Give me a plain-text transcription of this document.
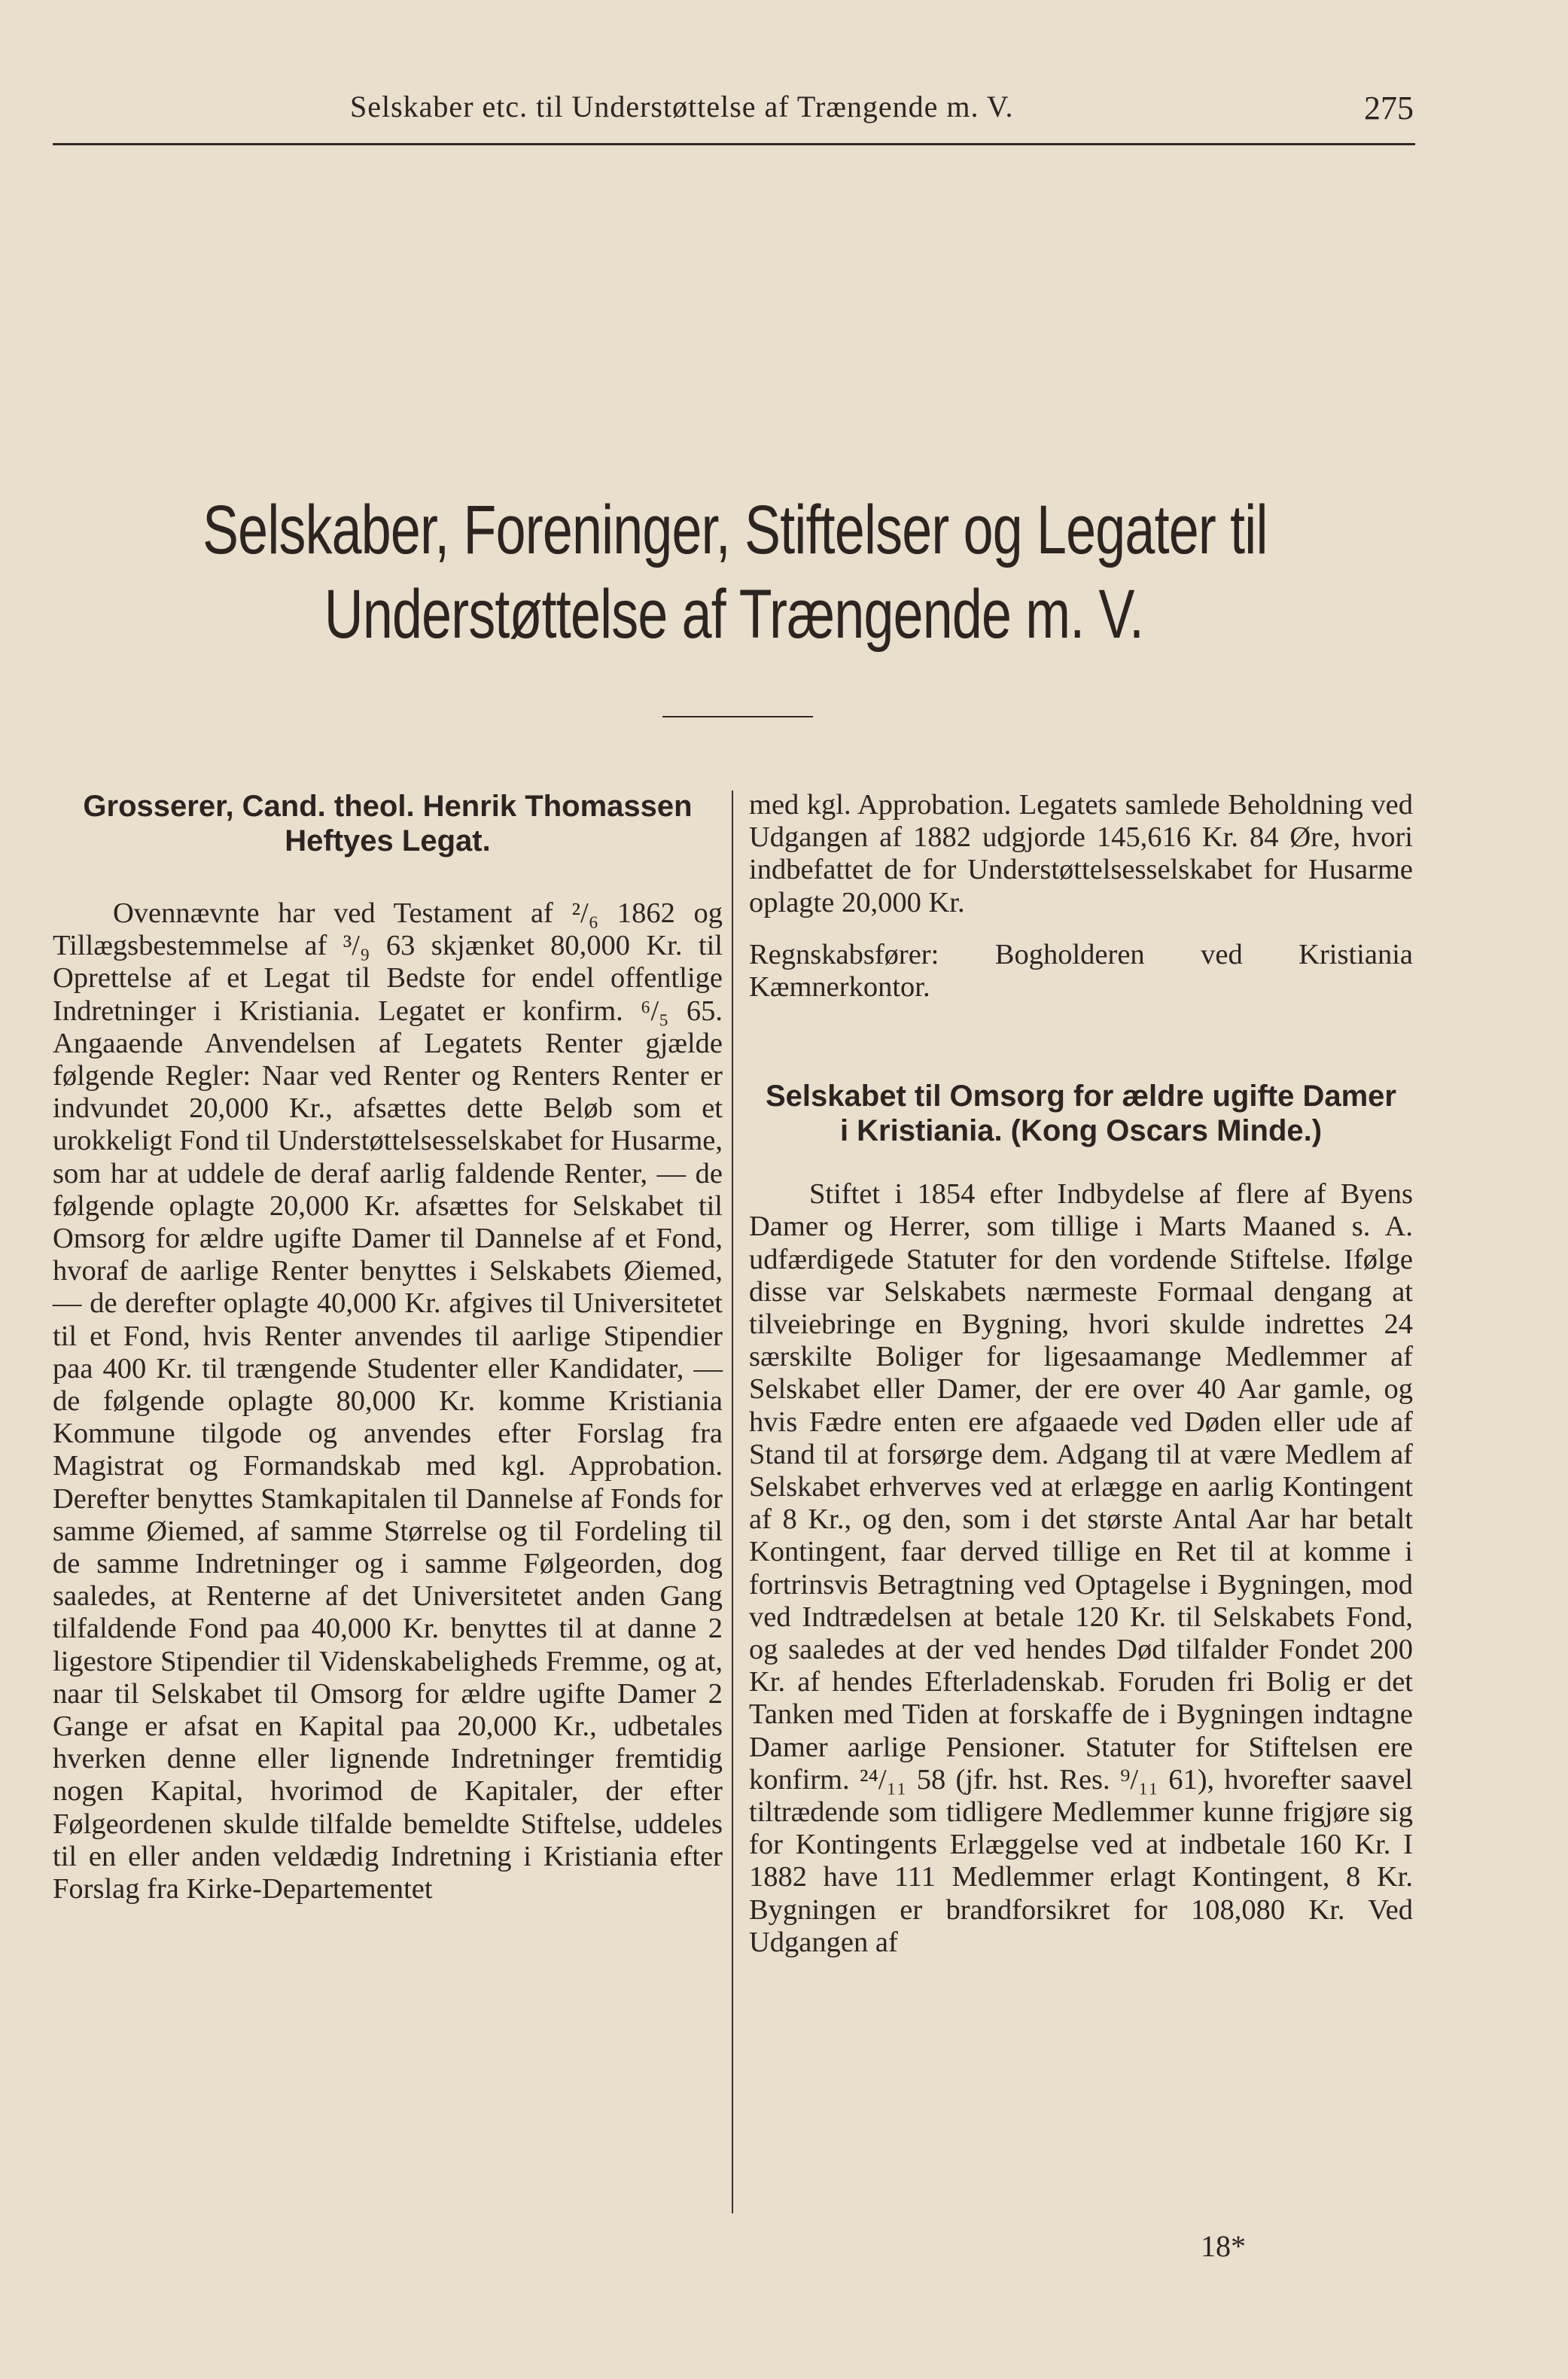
Selskaber etc. til Understøttelse af Trængende m. V.	275
Selskaber, Foreninger, Stiftelser og Legater til
Understøttelse af Trængende m. V.
Grosserer, Cand. theol. Henrik Thomassen
Heftyes Legat.

Ovennævnte har ved Testament af ²/₆ 1862 og Tillægsbestemmelse af ³/₉ 63 skjænket 80,000 Kr. til Oprettelse af et Legat til Bedste for endel offentlige Indretninger i Kristiania. Legatet er konfirm. ⁶/₅ 65. Angaaende Anvendelsen af Legatets Renter gjælde følgende Regler: Naar ved Renter og Renters Renter er indvundet 20,000 Kr., afsættes dette Beløb som et urokkeligt Fond til Understøttelsesselskabet for Husarme, som har at uddele de deraf aarlig faldende Renter, — de følgende oplagte 20,000 Kr. afsættes for Selskabet til Omsorg for ældre ugifte Damer til Dannelse af et Fond, hvoraf de aarlige Renter benyttes i Selskabets Øiemed, — de derefter oplagte 40,000 Kr. afgives til Universitetet til et Fond, hvis Renter anvendes til aarlige Stipendier paa 400 Kr. til trængende Studenter eller Kandidater, — de følgende oplagte 80,000 Kr. komme Kristiania Kommune tilgode og anvendes efter Forslag fra Magistrat og Formandskab med kgl. Approbation. Derefter benyttes Stamkapitalen til Dannelse af Fonds for samme Øiemed, af samme Størrelse og til Fordeling til de samme Indretninger og i samme Følgeorden, dog saaledes, at Renterne af det Universitetet anden Gang tilfaldende Fond paa 40,000 Kr. benyttes til at danne 2 ligestore Stipendier til Videnskabeligheds Fremme, og at, naar til Selskabet til Omsorg for ældre ugifte Damer 2 Gange er afsat en Kapital paa 20,000 Kr., udbetales hverken denne eller lignende Indretninger fremtidig nogen Kapital, hvorimod de Kapitaler, der efter Følgeordenen skulde tilfalde bemeldte Stiftelse, uddeles til en eller anden veldædig Indretning i Kristiania efter Forslag fra Kirke-Departementet

med kgl. Approbation. Legatets samlede Beholdning ved Udgangen af 1882 udgjorde 145,616 Kr. 84 Øre, hvori indbefattet de for Understøttelsesselskabet for Husarme oplagte 20,000 Kr.

Regnskabsfører: Bogholderen ved Kristiania Kæmnerkontor.

Selskabet til Omsorg for ældre ugifte Damer
i Kristiania. (Kong Oscars Minde.)

Stiftet i 1854 efter Indbydelse af flere af Byens Damer og Herrer, som tillige i Marts Maaned s. A. udfærdigede Statuter for den vordende Stiftelse. Ifølge disse var Selskabets nærmeste Formaal dengang at tilveiebringe en Bygning, hvori skulde indrettes 24 særskilte Boliger for ligesaamange Medlemmer af Selskabet eller Damer, der ere over 40 Aar gamle, og hvis Fædre enten ere afgaaede ved Døden eller ude af Stand til at forsørge dem. Adgang til at være Medlem af Selskabet erhverves ved at erlægge en aarlig Kontingent af 8 Kr., og den, som i det største Antal Aar har betalt Kontingent, faar derved tillige en Ret til at komme i fortrinsvis Betragtning ved Optagelse i Bygningen, mod ved Indtrædelsen at betale 120 Kr. til Selskabets Fond, og saaledes at der ved hendes Død tilfalder Fondet 200 Kr. af hendes Efterladenskab. Foruden fri Bolig er det Tanken med Tiden at forskaffe de i Bygningen indtagne Damer aarlige Pensioner. Statuter for Stiftelsen ere konfirm. ²⁴/₁₁ 58 (jfr. hst. Res. ⁹/₁₁ 61), hvorefter saavel tiltrædende som tidligere Medlemmer kunne frigjøre sig for Kontingents Erlæggelse ved at indbetale 160 Kr. I 1882 have 111 Medlemmer erlagt Kontingent, 8 Kr. Bygningen er brandforsikret for 108,080 Kr. Ved Udgangen af

18*
